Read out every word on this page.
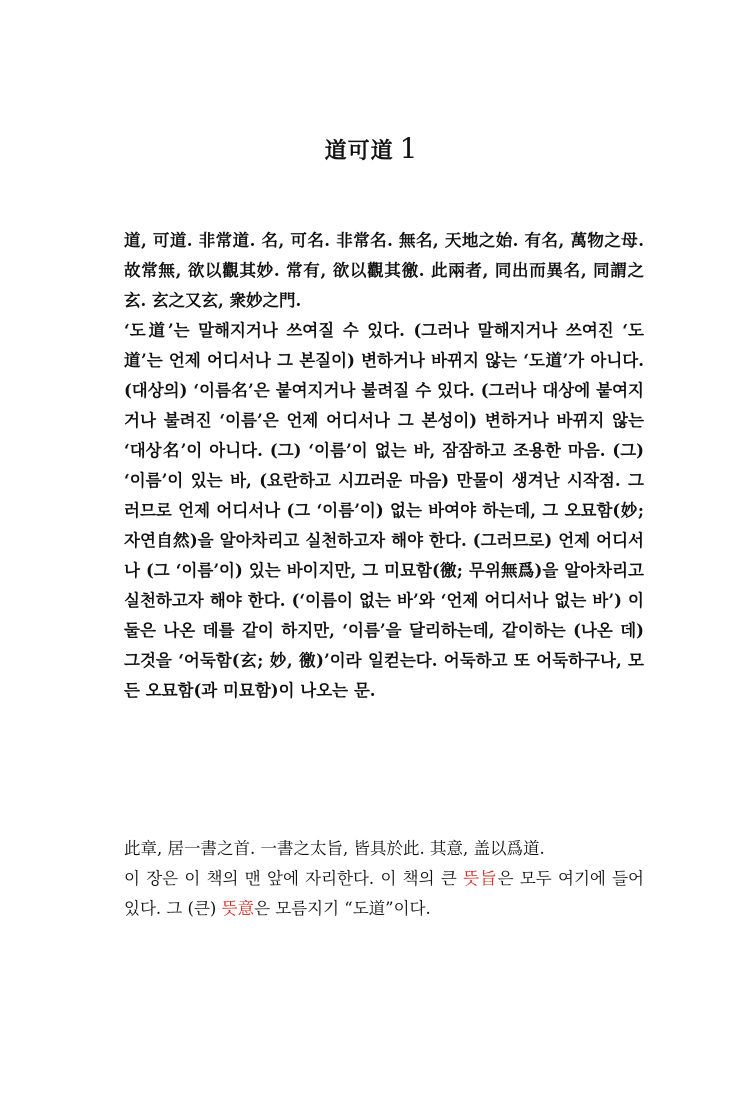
道可道 1

道, 可道. 非常道. 名, 可名. 非常名. 無名, 天地之始. 有名, 萬物之母. 故常無, 欲以觀其妙. 常有, 欲以觀其徼. 此兩者, 同出而異名, 同謂之玄. 玄之又玄, 衆妙之門.

‘도道’는 말해지거나 쓰여질 수 있다. (그러나 말해지거나 쓰여진 ‘도道’는 언제 어디서나 그 본질이) 변하거나 바뀌지 않는 ‘도道’가 아니다. (대상의) ‘이름名’은 붙여지거나 불려질 수 있다. (그러나 대상에 붙여지거나 불려진 ‘이름’은 언제 어디서나 그 본성이) 변하거나 바뀌지 않는 ‘대상名’이 아니다. (그) ‘이름’이 없는 바, 잠잠하고 조용한 마음. (그) ‘이름’이 있는 바, (요란하고 시끄러운 마음) 만물이 생겨난 시작점. 그러므로 언제 어디서나 (그 ‘이름’이) 없는 바여야 하는데, 그 오묘함(妙; 자연自然)을 알아차리고 실천하고자 해야 한다. (그러므로) 언제 어디서나 (그 ‘이름’이) 있는 바이지만, 그 미묘함(徼; 무위無爲)을 알아차리고 실천하고자 해야 한다. (‘이름이 없는 바’와 ‘언제 어디서나 없는 바’) 이 둘은 나온 데를 같이 하지만, ‘이름’을 달리하는데, 같이하는 (나온 데) 그것을 ‘어둑함(玄; 妙, 徼)’이라 일컫는다. 어둑하고 또 어둑하구나, 모든 오묘함(과 미묘함)이 나오는 문.

此章, 居一書之首. 一書之太旨, 皆具於此. 其意, 盖以爲道.

이 장은 이 책의 맨 앞에 자리한다. 이 책의 큰 뜻旨은 모두 여기에 들어 있다. 그 (큰) 뜻意은 모름지기 “도道”이다.
